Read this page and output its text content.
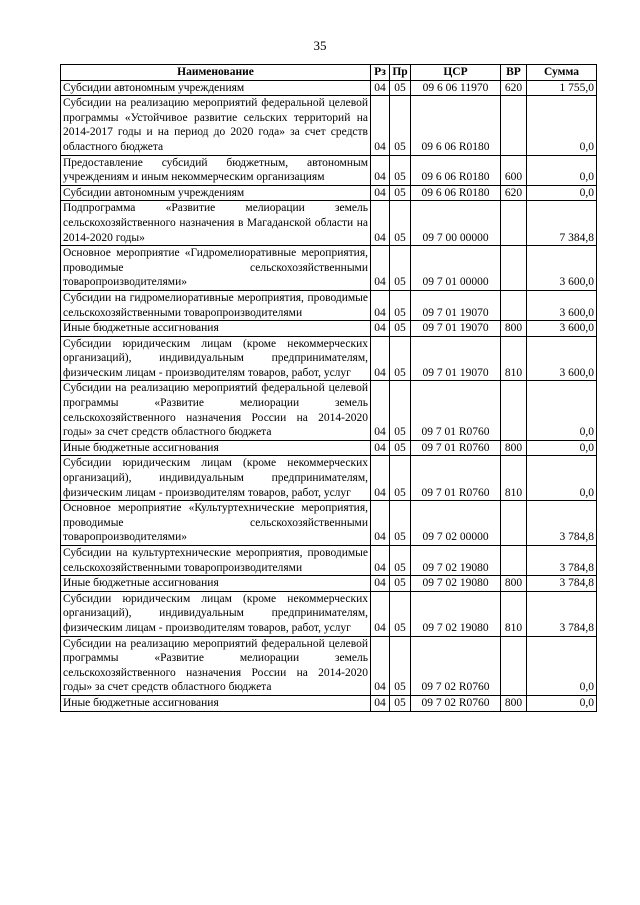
35
Наименование	Рз	Пр	ЦСР	ВР	Сумма
Субсидии автономным учреждениям	04	05	09 6 06 11970	620	1 755,0
Субсидии на реализацию мероприятий федеральной целевой программы «Устойчивое развитие сельских территорий на 2014-2017 годы и на период до 2020 года» за счет средств областного бюджета	04	05	09 6 06 R0180		0,0
Предоставление субсидий бюджетным, автономным учреждениям и иным некоммерческим организациям	04	05	09 6 06 R0180	600	0,0
Субсидии автономным учреждениям	04	05	09 6 06 R0180	620	0,0
Подпрограмма «Развитие мелиорации земель сельскохозяйственного назначения в Магаданской области на 2014-2020 годы»	04	05	09 7 00 00000		7 384,8
Основное мероприятие «Гидромелиоративные мероприятия, проводимые сельскохозяйственными товаропроизводителями»	04	05	09 7 01 00000		3 600,0
Субсидии на гидромелиоративные мероприятия, проводимые сельскохозяйственными товаропроизводителями	04	05	09 7 01 19070		3 600,0
Иные бюджетные ассигнования	04	05	09 7 01 19070	800	3 600,0
Субсидии юридическим лицам (кроме некоммерческих организаций), индивидуальным предпринимателям, физическим лицам - производителям товаров, работ, услуг	04	05	09 7 01 19070	810	3 600,0
Субсидии на реализацию мероприятий федеральной целевой программы «Развитие мелиорации земель сельскохозяйственного назначения России на 2014-2020 годы» за счет средств областного бюджета	04	05	09 7 01 R0760		0,0
Иные бюджетные ассигнования	04	05	09 7 01 R0760	800	0,0
Субсидии юридическим лицам (кроме некоммерческих организаций), индивидуальным предпринимателям, физическим лицам - производителям товаров, работ, услуг	04	05	09 7 01 R0760	810	0,0
Основное мероприятие «Культуртехнические мероприятия, проводимые сельскохозяйственными товаропроизводителями»	04	05	09 7 02 00000		3 784,8
Субсидии на культуртехнические мероприятия, проводимые сельскохозяйственными товаропроизводителями	04	05	09 7 02 19080		3 784,8
Иные бюджетные ассигнования	04	05	09 7 02 19080	800	3 784,8
Субсидии юридическим лицам (кроме некоммерческих организаций), индивидуальным предпринимателям, физическим лицам - производителям товаров, работ, услуг	04	05	09 7 02 19080	810	3 784,8
Субсидии на реализацию мероприятий федеральной целевой программы «Развитие мелиорации земель сельскохозяйственного назначения России на 2014-2020 годы» за счет средств областного бюджета	04	05	09 7 02 R0760		0,0
Иные бюджетные ассигнования	04	05	09 7 02 R0760	800	0,0
